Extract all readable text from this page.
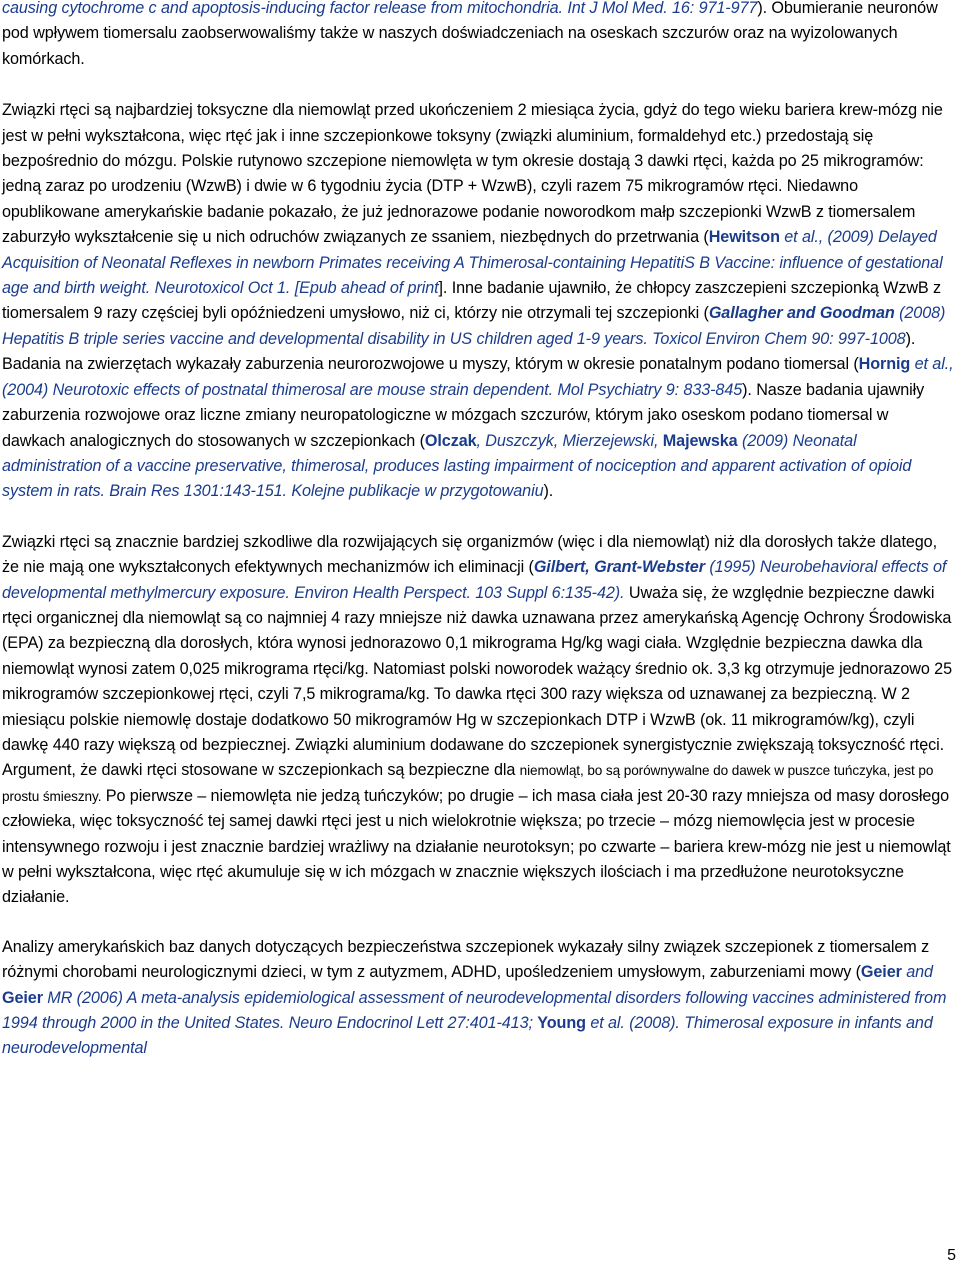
causing cytochrome c and apoptosis-inducing factor release from mitochondria. Int J Mol Med. 16: 971-977). Obumieranie neuronów pod wpływem tiomersalu zaobserwowaliśmy także w naszych doświadczeniach na oseskach szczurów oraz na wyizolowanych komórkach.

Związki rtęci są najbardziej toksyczne dla niemowląt przed ukończeniem 2 miesiąca życia, gdyż do tego wieku bariera krew-mózg nie jest w pełni wykształcona, więc rtęć jak i inne szczepionkowe toksyny (związki aluminium, formaldehyd etc.) przedostają się bezpośrednio do mózgu. Polskie rutynowo szczepione niemowlęta w tym okresie dostają 3 dawki rtęci, każda po 25 mikrogramów: jedną zaraz po urodzeniu (WzwB) i dwie w 6 tygodniu życia (DTP + WzwB), czyli razem 75 mikrogramów rtęci. Niedawno opublikowane amerykańskie badanie pokazało, że już jednorazowe podanie noworodkom małp szczepionki WzwB z tiomersalem zaburzyło wykształcenie się u nich odruchów związanych ze ssaniem, niezbędnych do przetrwania (Hewitson et al., (2009) Delayed Acquisition of Neonatal Reflexes in newborn Primates receiving A Thimerosal-containing HepatitiS B Vaccine: influence of gestational age and birth weight. Neurotoxicol Oct 1. [Epub ahead of print]. Inne badanie ujawniło, że chłopcy zaszczepieni szczepionką WzwB z tiomersalem 9 razy częściej byli opóźniedzeni umysłowo, niż ci, którzy nie otrzymali tej szczepionki (Gallagher and Goodman (2008) Hepatitis B triple series vaccine and developmental disability in US children aged 1-9 years. Toxicol Environ Chem 90: 997-1008). Badania na zwierzętach wykazały zaburzenia neurorozwojowe u myszy, którym w okresie ponatalnym podano tiomersal (Hornig et al., (2004) Neurotoxic effects of postnatal thimerosal are mouse strain dependent. Mol Psychiatry 9: 833-845). Nasze badania ujawniły zaburzenia rozwojowe oraz liczne zmiany neuropatologiczne w mózgach szczurów, którym jako oseskom podano tiomersal w dawkach analogicznych do stosowanych w szczepionkach (Olczak, Duszczyk, Mierzejewski, Majewska (2009) Neonatal administration of a vaccine preservative, thimerosal, produces lasting impairment of nociception and apparent activation of opioid system in rats. Brain Res 1301:143-151. Kolejne publikacje w przygotowaniu).

Związki rtęci są znacznie bardziej szkodliwe dla rozwijających się organizmów (więc i dla niemowląt) niż dla dorosłych także dlatego, że nie mają one wykształconych efektywnych mechanizmów ich eliminacji (Gilbert, Grant-Webster (1995) Neurobehavioral effects of developmental methylmercury exposure. Environ Health Perspect. 103 Suppl 6:135-42). Uważa się, że względnie bezpieczne dawki rtęci organicznej dla niemowląt są co najmniej 4 razy mniejsze niż dawka uznawana przez amerykańską Agencję Ochrony Środowiska (EPA) za bezpieczną dla dorosłych, która wynosi jednorazowo 0,1 mikrograma Hg/kg wagi ciała. Względnie bezpieczna dawka dla niemowląt wynosi zatem 0,025 mikrograma rtęci/kg. Natomiast polski noworodek ważący średnio ok. 3,3 kg otrzymuje jednorazowo 25 mikrogramów szczepionkowej rtęci, czyli 7,5 mikrograma/kg. To dawka rtęci 300 razy większa od uznawanej za bezpieczną. W 2 miesiącu polskie niemowlę dostaje dodatkowo 50 mikrogramów Hg w szczepionkach DTP i WzwB (ok. 11 mikrogramów/kg), czyli dawkę 440 razy większą od bezpiecznej. Związki aluminium dodawane do szczepionek synergistycznie zwiększają toksyczność rtęci. Argument, że dawki rtęci stosowane w szczepionkach są bezpieczne dla niemowląt, bo są porównywalne do dawek w puszce tuńczyka, jest po prostu śmieszny. Po pierwsze – niemowlęta nie jedzą tuńczyków; po drugie – ich masa ciała jest 20-30 razy mniejsza od masy dorosłego człowieka, więc toksyczność tej samej dawki rtęci jest u nich wielokrotnie większa; po trzecie – mózg niemowlęcia jest w procesie intensywnego rozwoju i jest znacznie bardziej wrażliwy na działanie neurotoksyn; po czwarte – bariera krew-mózg nie jest u niemowląt w pełni wykształcona, więc rtęć akumuluje się w ich mózgach w znacznie większych ilościach i ma przedłużone neurotoksyczne działanie.

Analizy amerykańskich baz danych dotyczących bezpieczeństwa szczepionek wykazały silny związek szczepionek z tiomersalem z różnymi chorobami neurologicznymi dzieci, w tym z autyzmem, ADHD, upośledzeniem umysłowym, zaburzeniami mowy (Geier and Geier MR (2006) A meta-analysis epidemiological assessment of neurodevelopmental disorders following vaccines administered from 1994 through 2000 in the United States. Neuro Endocrinol Lett 27:401-413; Young et al. (2008). Thimerosal exposure in infants and neurodevelopmental

5
